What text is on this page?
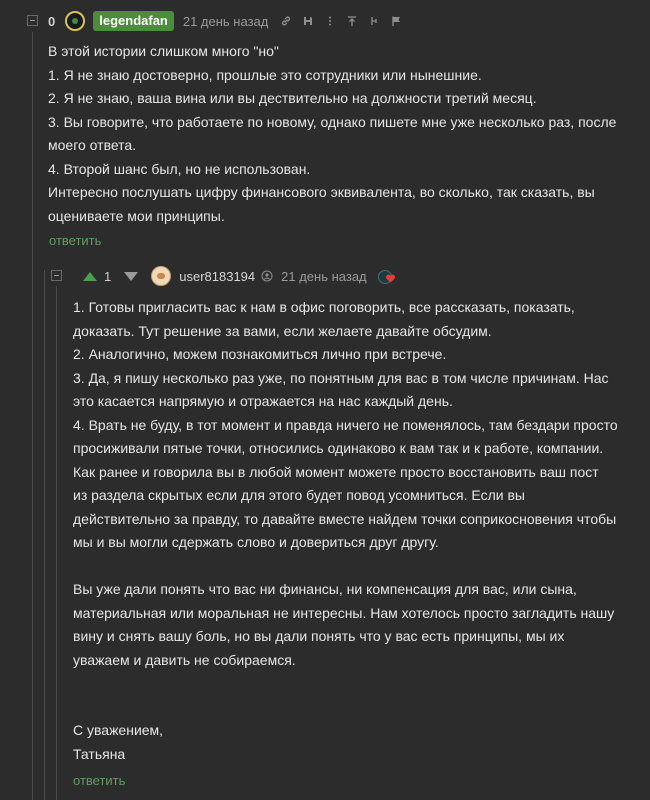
0	legendafan	21 день назад
В этой истории слишком много "но"
1. Я не знаю достоверно, прошлые это сотрудники или нынешние.
2. Я не знаю, ваша вина или вы дествительно на должности третий месяц.
3. Вы говорите, что работаете по новому, однако пишете мне уже несколько раз, после
моего ответа.
4. Второй шанс был, но не использован.
Интересно послушать цифру финансового эквивалента, во сколько, так сказать, вы
оцениваете мои принципы.
ответить
1	user8183194 21 день назад
1. Готовы пригласить вас к нам в офис поговорить, все рассказать, показать,
доказать. Тут решение за вами, если желаете давайте обсудим.
2. Аналогично, можем познакомиться лично при встрече.
3. Да, я пишу несколько раз уже, по понятным для вас в том числе причинам. Нас
это касается напрямую и отражается на нас каждый день.
4. Врать не буду, в тот момент и правда ничего не поменялось, там бездари просто
просиживали пятые точки, относились одинаково к вам так и к работе, компании.
Как ранее и говорила вы в любой момент можете просто восстановить ваш пост
из раздела скрытых если для этого будет повод усомниться. Если вы
действительно за правду, то давайте вместе найдем точки соприкосновения чтобы
мы и вы могли сдержать слово и довериться друг другу.

Вы уже дали понять что вас ни финансы, ни компенсация для вас, или сына,
материальная или моральная не интересны. Нам хотелось просто загладить нашу
вину и снять вашу боль, но вы дали понять что у вас есть принципы, мы их
уважаем и давить не собираемся.

С уважением,
Татьяна
ответить
